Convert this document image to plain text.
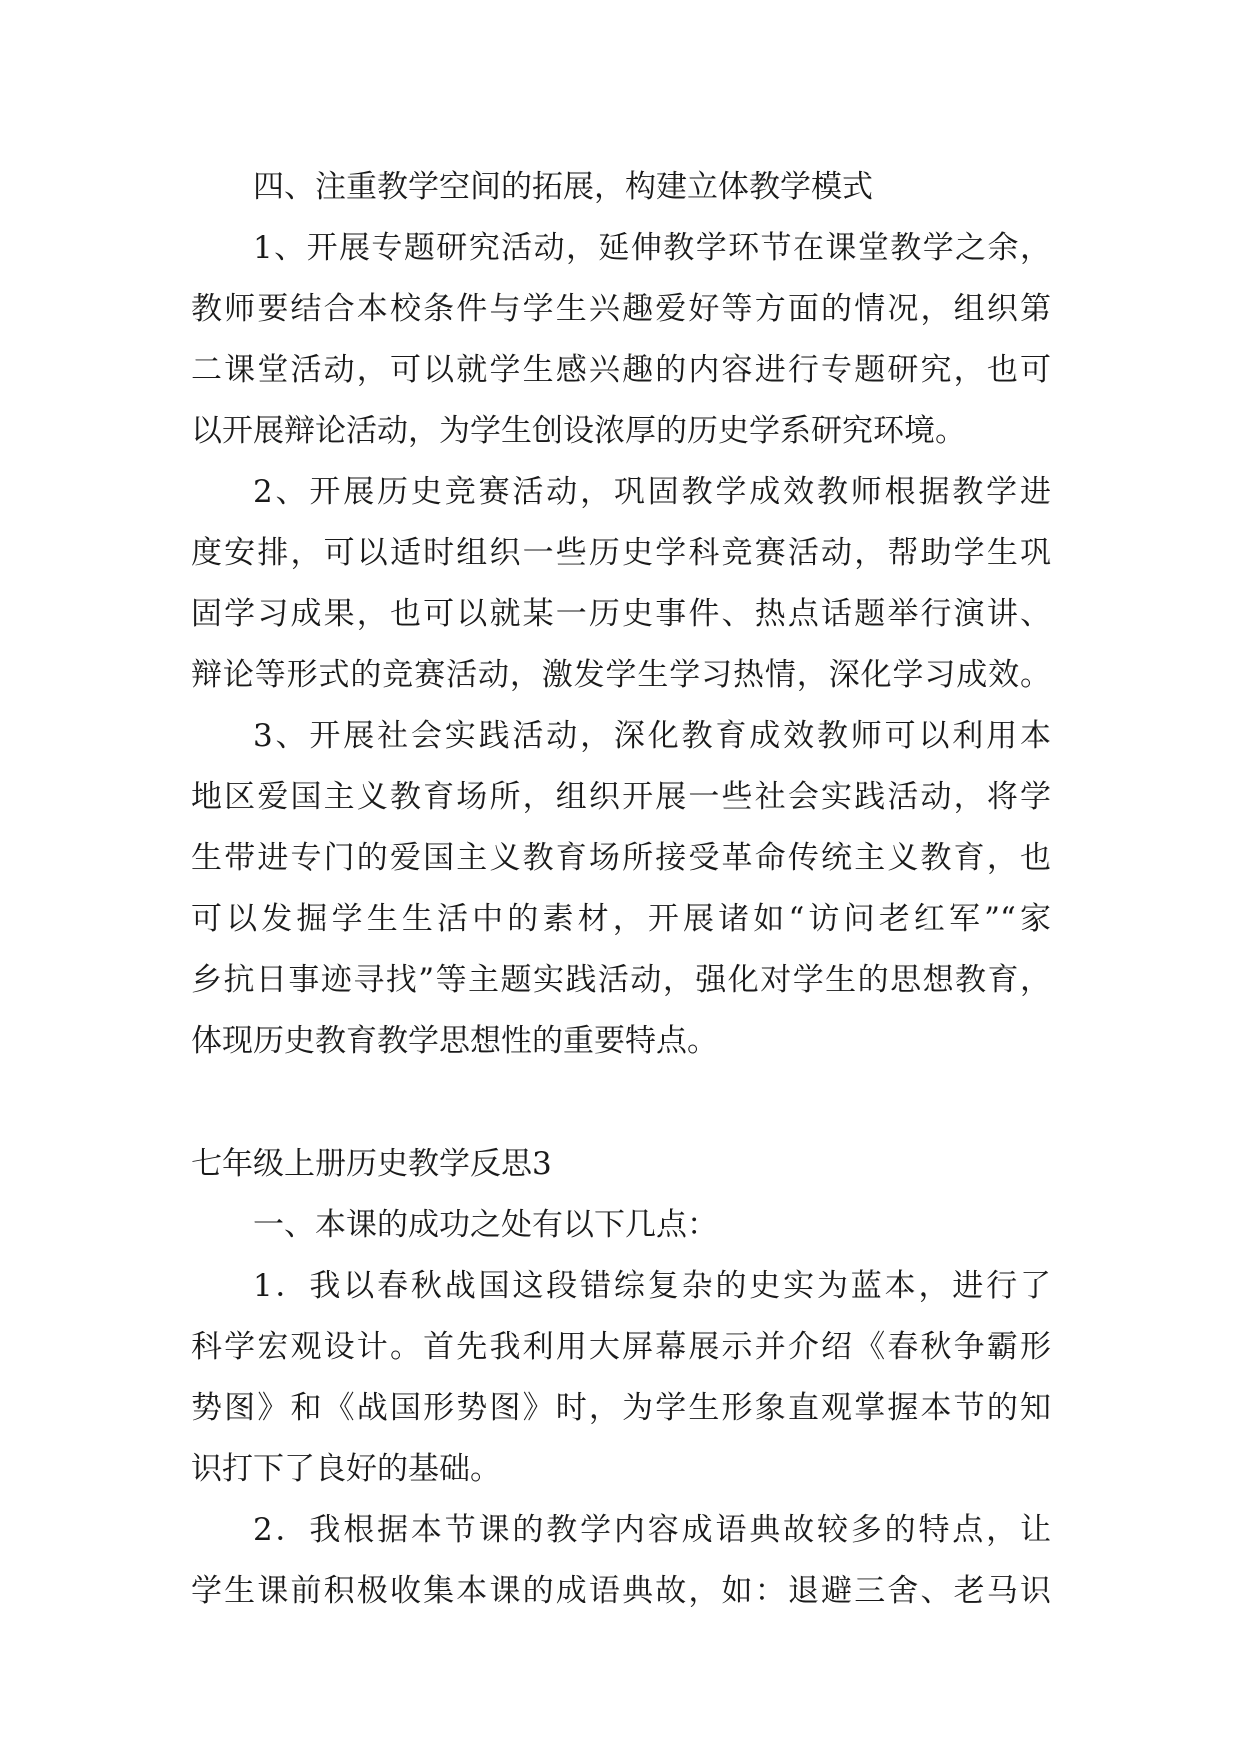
四、注重教学空间的拓展，构建立体教学模式
1、开展专题研究活动，延伸教学环节在课堂教学之余，
教师要结合本校条件与学生兴趣爱好等方面的情况，组织第
二课堂活动，可以就学生感兴趣的内容进行专题研究，也可
以开展辩论活动，为学生创设浓厚的历史学系研究环境。
2、开展历史竞赛活动，巩固教学成效教师根据教学进
度安排，可以适时组织一些历史学科竞赛活动，帮助学生巩
固学习成果，也可以就某一历史事件、热点话题举行演讲、
辩论等形式的竞赛活动，激发学生学习热情，深化学习成效。
3、开展社会实践活动，深化教育成效教师可以利用本
地区爱国主义教育场所，组织开展一些社会实践活动，将学
生带进专门的爱国主义教育场所接受革命传统主义教育，也
可以发掘学生生活中的素材，开展诸如“访问老红军”“家
乡抗日事迹寻找”等主题实践活动，强化对学生的思想教育，
体现历史教育教学思想性的重要特点。
七年级上册历史教学反思3
一、本课的成功之处有以下几点：
1．我以春秋战国这段错综复杂的史实为蓝本，进行了
科学宏观设计。首先我利用大屏幕展示并介绍《春秋争霸形
势图》和《战国形势图》时，为学生形象直观掌握本节的知
识打下了良好的基础。
2．我根据本节课的教学内容成语典故较多的特点，让
学生课前积极收集本课的成语典故，如：退避三舍、老马识
